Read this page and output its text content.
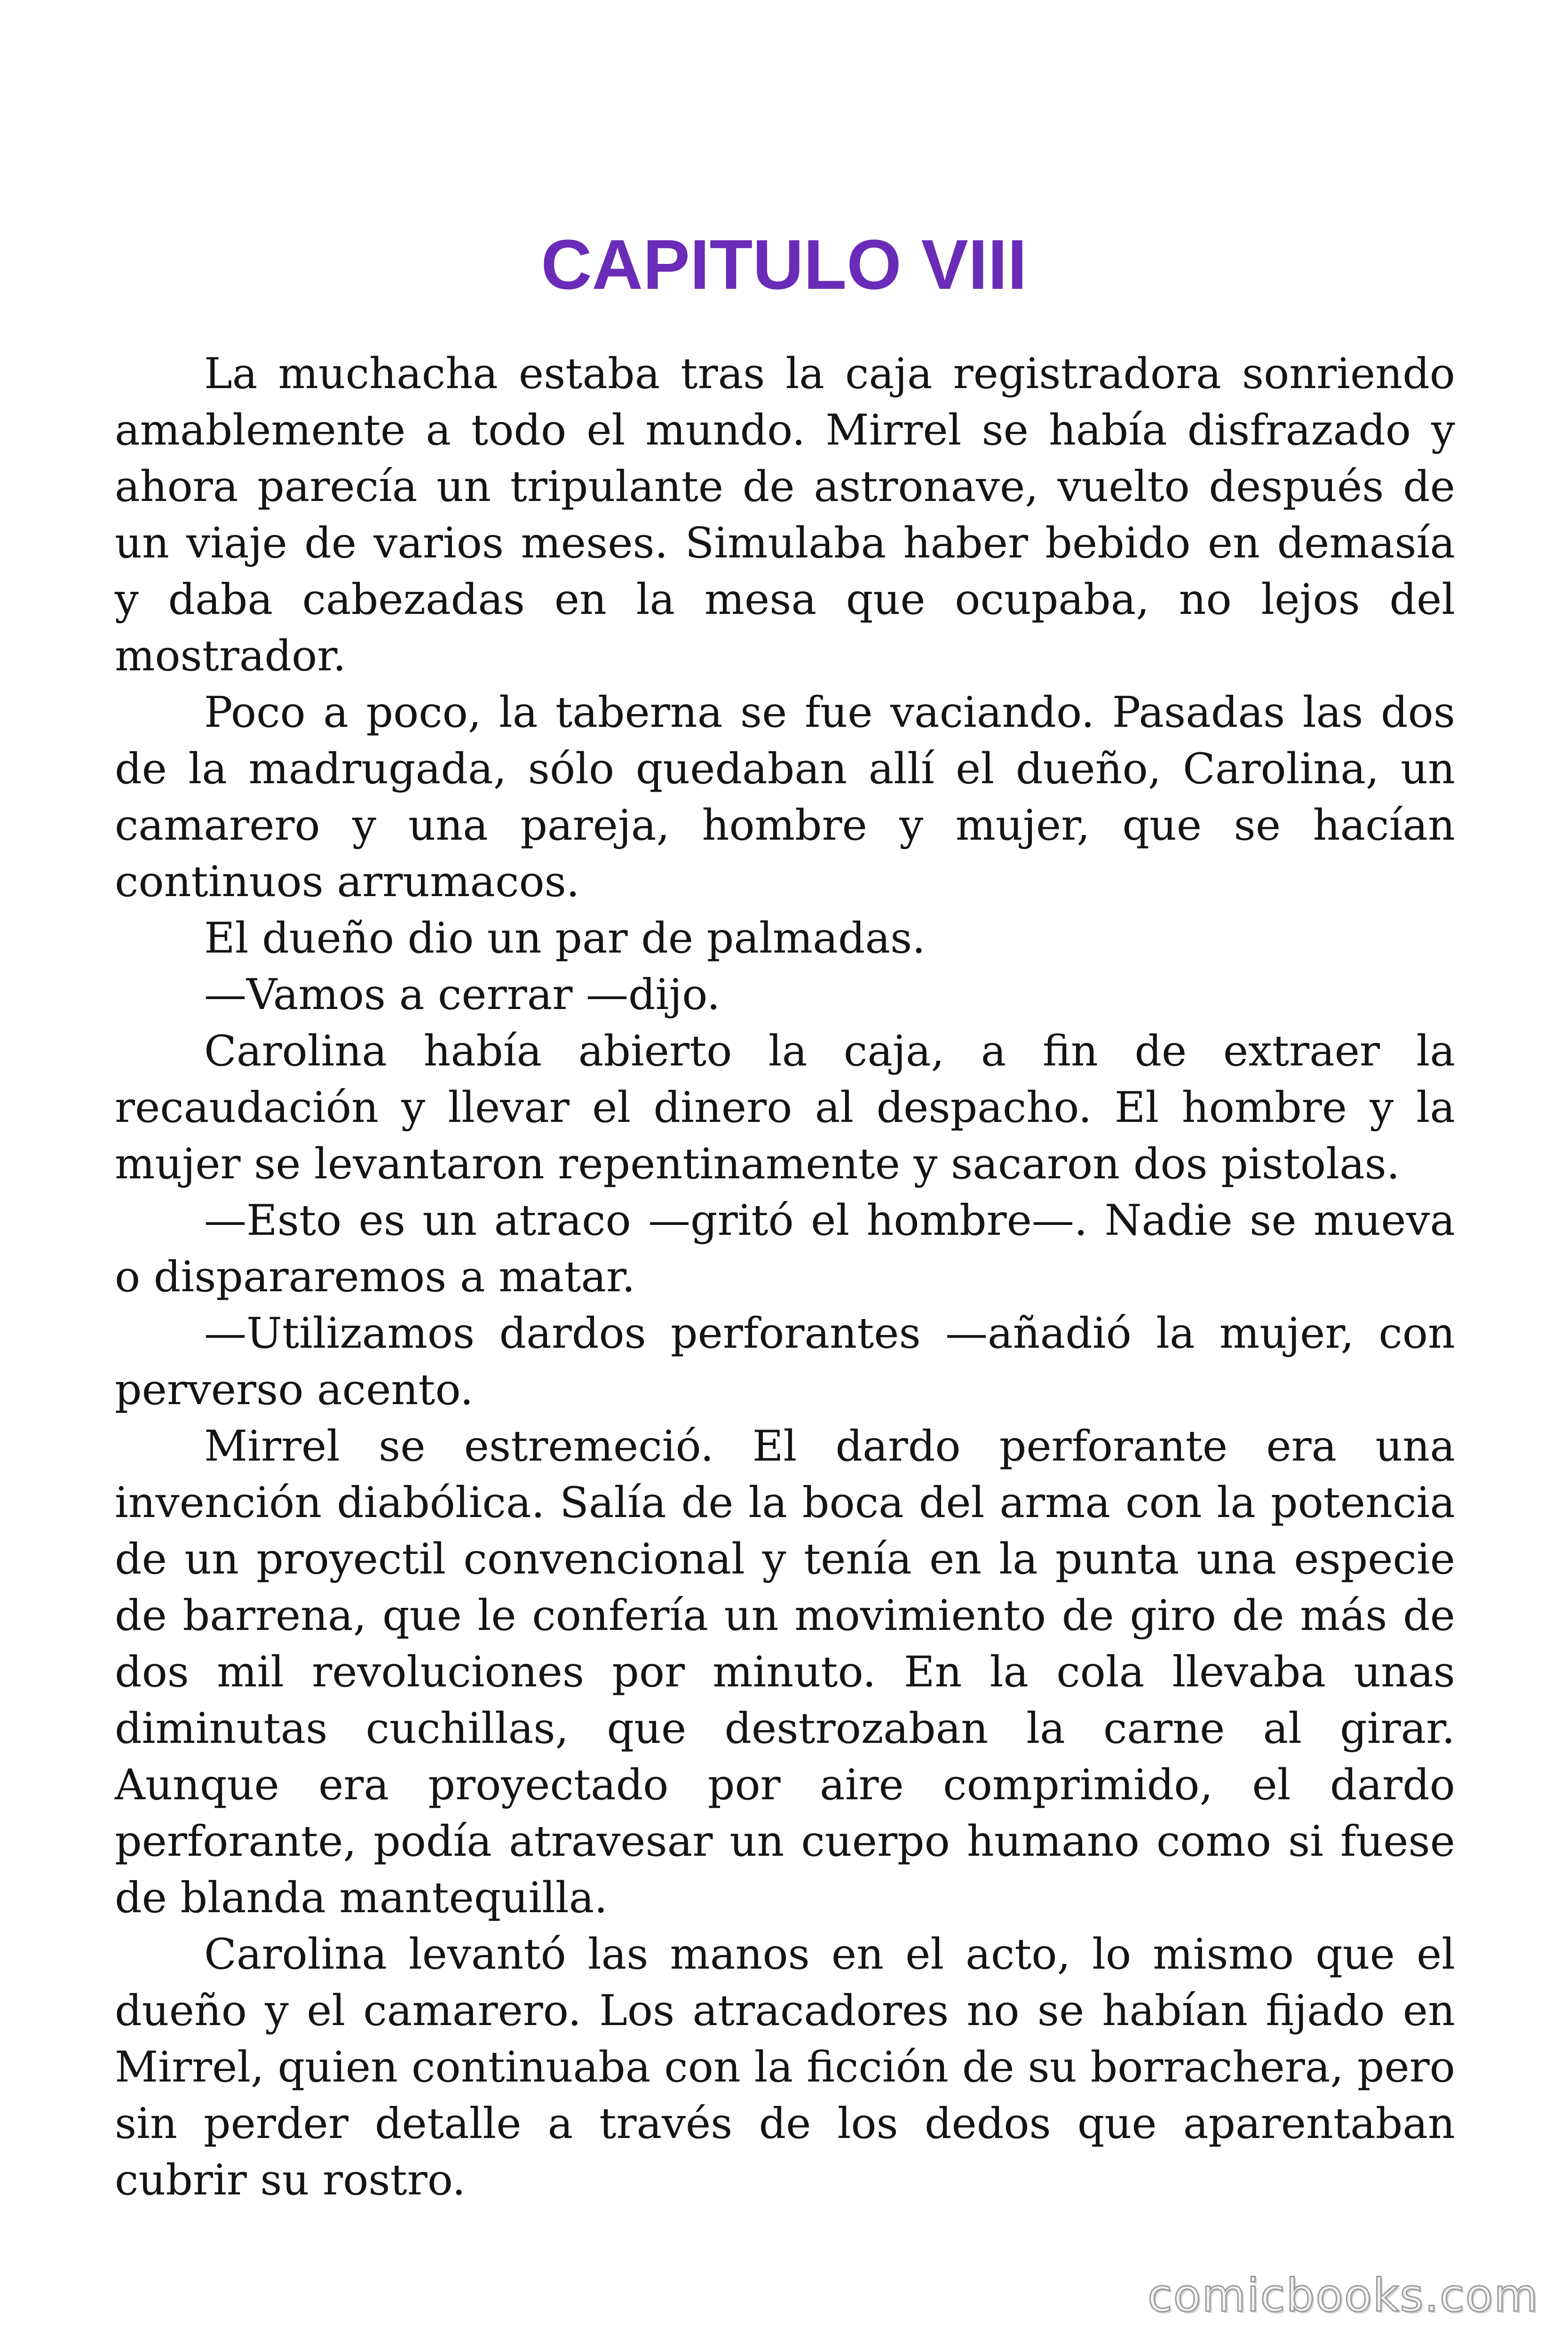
CAPITULO VIII

La muchacha estaba tras la caja registradora sonriendo amablemente a todo el mundo. Mirrel se había disfrazado y ahora parecía un tripulante de astronave, vuelto después de un viaje de varios meses. Simulaba haber bebido en demasía y daba cabezadas en la mesa que ocupaba, no lejos del mostrador.

Poco a poco, la taberna se fue vaciando. Pasadas las dos de la madrugada, sólo quedaban allí el dueño, Carolina, un camarero y una pareja, hombre y mujer, que se hacían continuos arrumacos.

El dueño dio un par de palmadas.

—Vamos a cerrar —dijo.

Carolina había abierto la caja, a fin de extraer la recaudación y llevar el dinero al despacho. El hombre y la mujer se levantaron repentinamente y sacaron dos pistolas.

—Esto es un atraco —gritó el hombre—. Nadie se mueva o dispararemos a matar.

—Utilizamos dardos perforantes —añadió la mujer, con perverso acento.

Mirrel se estremeció. El dardo perforante era una invención diabólica. Salía de la boca del arma con la potencia de un proyectil convencional y tenía en la punta una especie de barrena, que le confería un movimiento de giro de más de dos mil revoluciones por minuto. En la cola llevaba unas diminutas cuchillas, que destrozaban la carne al girar. Aunque era proyectado por aire comprimido, el dardo perforante, podía atravesar un cuerpo humano como si fuese de blanda mantequilla.

Carolina levantó las manos en el acto, lo mismo que el dueño y el camarero. Los atracadores no se habían fijado en Mirrel, quien continuaba con la ficción de su borrachera, pero sin perder detalle a través de los dedos que aparentaban cubrir su rostro.

comicbooks.com
